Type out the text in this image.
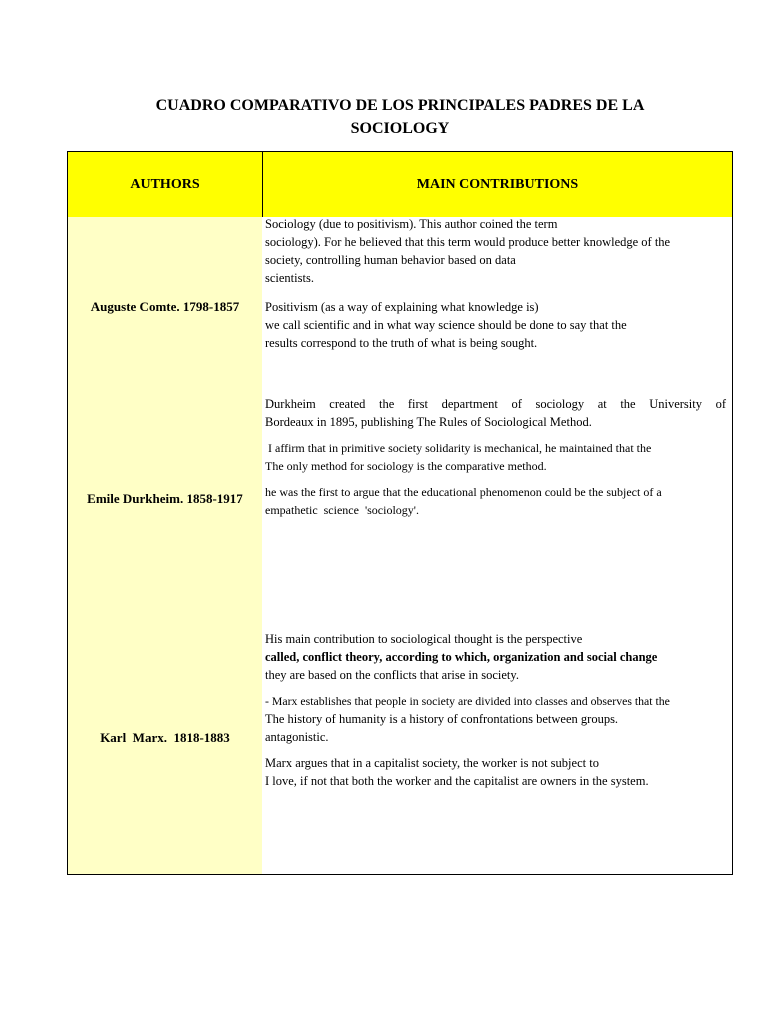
CUADRO COMPARATIVO DE LOS PRINCIPALES PADRES DE LA
SOCIOLOGY
AUTHORS	MAIN CONTRIBUTIONS
Auguste Comte. 1798-1857
Sociology (due to positivism). This author coined the term
sociology). For he believed that this term would produce better knowledge of the
society, controlling human behavior based on data
scientists.
Positivism (as a way of explaining what knowledge is)
we call scientific and in what way science should be done to say that the
results correspond to the truth of what is being sought.
Emile Durkheim. 1858-1917
Durkheim created the first department of sociology at the University of
Bordeaux in 1895, publishing The Rules of Sociological Method.
I affirm that in primitive society solidarity is mechanical, he maintained that the
The only method for sociology is the comparative method.
he was the first to argue that the educational phenomenon could be the subject of a
empathetic  science  'sociology'.
Karl  Marx.  1818-1883
His main contribution to sociological thought is the perspective
called, conflict theory, according to which, organization and social change
they are based on the conflicts that arise in society.
- Marx establishes that people in society are divided into classes and observes that the
The history of humanity is a history of confrontations between groups.
antagonistic.
Marx argues that in a capitalist society, the worker is not subject to
I love, if not that both the worker and the capitalist are owners in the system.
